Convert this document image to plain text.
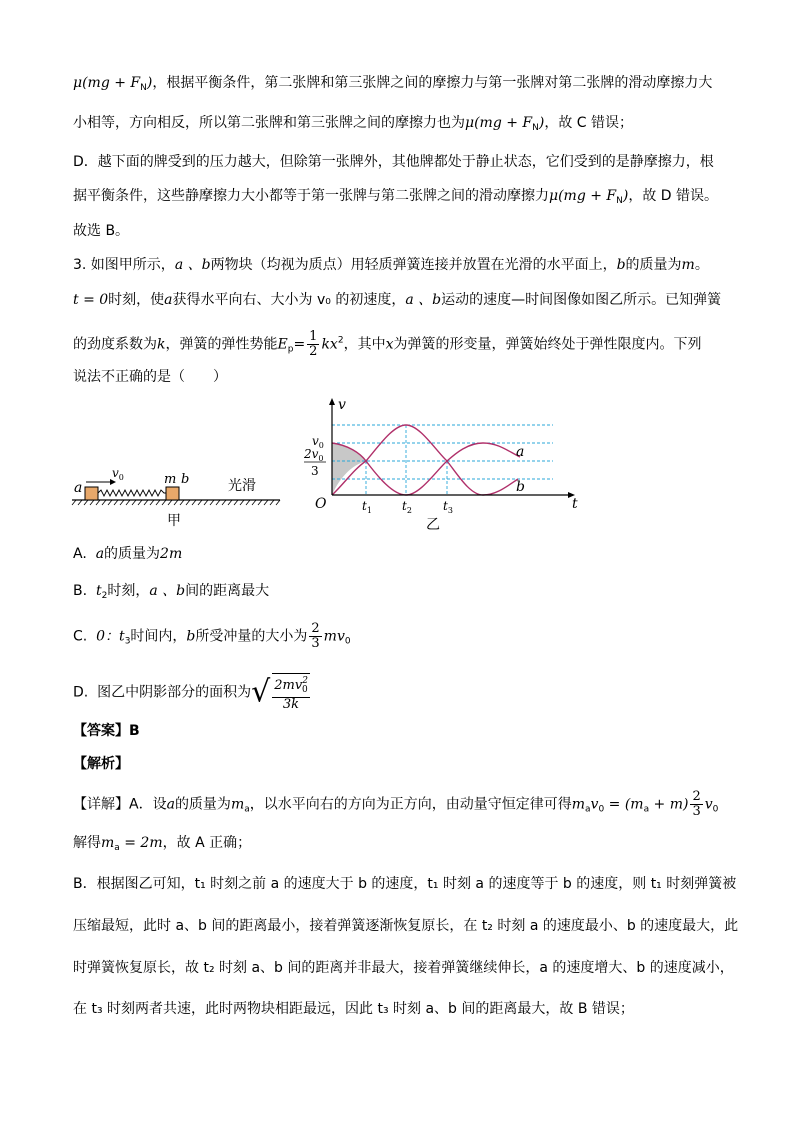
$\mu(mg + F_N)$，根据平衡条件，第二张牌和第三张牌之间的摩擦力与第一张牌对第二张牌的滑动摩擦力大
小相等，方向相反，所以第二张牌和第三张牌之间的摩擦力也为$\mu(mg + F_N)$，故 C 错误；
D．越下面的牌受到的压力越大，但除第一张牌外，其他牌都处于静止状态，它们受到的是静摩擦力，根
据平衡条件，这些静摩擦力大小都等于第一张牌与第二张牌之间的滑动摩擦力$\mu(mg + F_N)$，故 D 错误。
故选 B。
3. 如图甲所示，a 、b两物块（均视为质点）用轻质弹簧连接并放置在光滑的水平面上，b的质量为m。
t = 0时刻，使a获得水平向右、大小为 v₀ 的初速度，a 、b运动的速度—时间图像如图乙所示。已知弹簧
的劲度系数为k，弹簧的弹性势能$E_p= \frac{1}{2} kx^2$，其中x为弹簧的形变量，弹簧始终处于弹性限度内。下列
说法不正确的是（　　）
a
$v_0$	m b	光滑
甲
v
t
O
$v_0$
$2v_0$
3
a
b
$t_1$	$t_2$	$t_3$
乙
A. a的质量为2m
B. $t_2$时刻，a 、b间的距离最大
C. 0：$t_3$时间内，b所受冲量的大小为 $\frac{2}{3} mv_0$
D. 图乙中阴影部分的面积为√ $\frac{2mv^2_0}{3k}$
【答案】B
【解析】
【详解】A．设a的质量为$m_a$，以水平向右的方向为正方向，由动量守恒定律可得$m_av_0 = (m_a + m) \frac{2}{3} v_0$
解得$m_a = 2m$，故 A 正确；
B．根据图乙可知，t₁ 时刻之前 a 的速度大于 b 的速度，t₁ 时刻 a 的速度等于 b 的速度，则 t₁ 时刻弹簧被
压缩最短，此时 a、b 间的距离最小，接着弹簧逐渐恢复原长，在 t₂ 时刻 a 的速度最小、b 的速度最大，此
时弹簧恢复原长，故 t₂ 时刻 a、b 间的距离并非最大，接着弹簧继续伸长，a 的速度增大、b 的速度减小，
在 t₃ 时刻两者共速，此时两物块相距最远，因此 t₃ 时刻 a、b 间的距离最大，故 B 错误；
